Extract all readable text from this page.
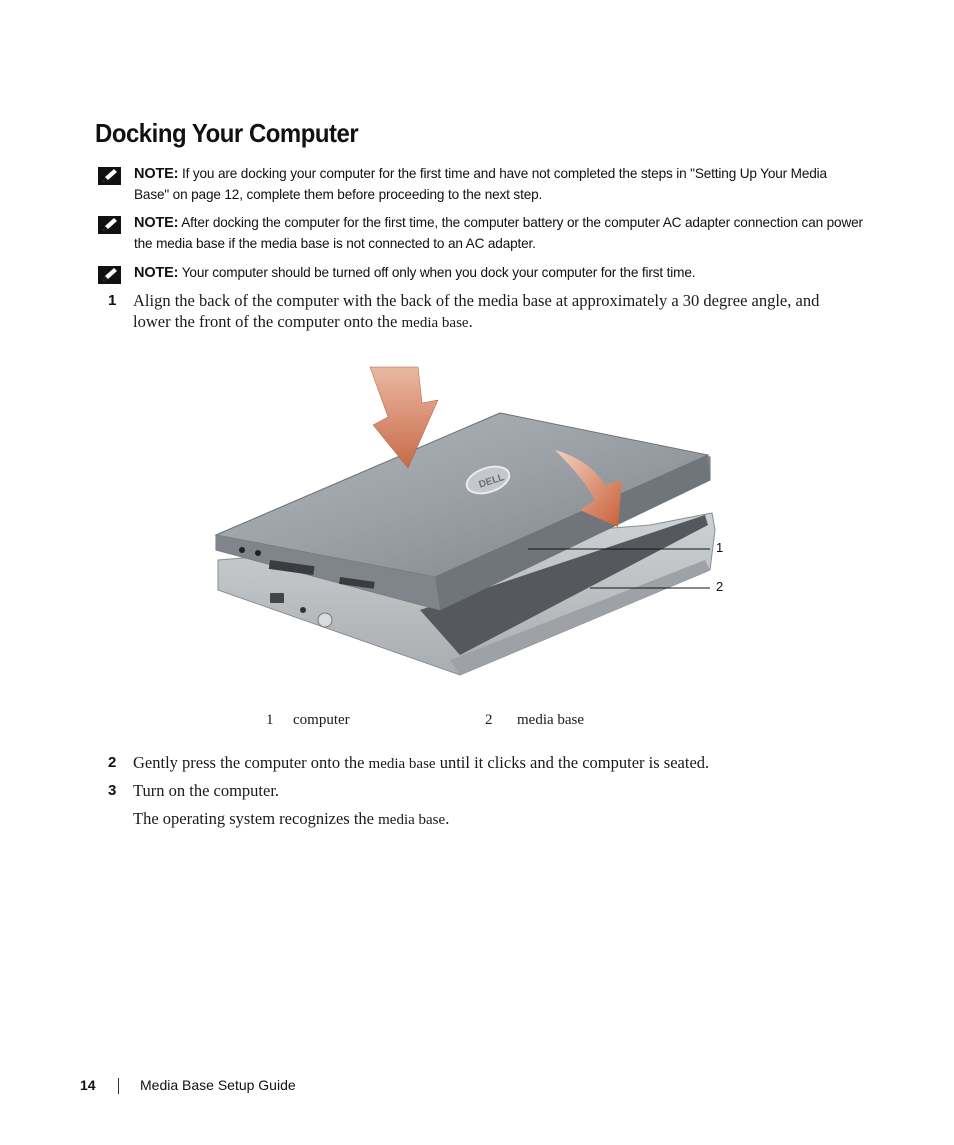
Docking Your Computer
NOTE: If you are docking your computer for the first time and have not completed the steps in "Setting Up Your Media Base" on page 12, complete them before proceeding to the next step.
NOTE: After docking the computer for the first time, the computer battery or the computer AC adapter connection can power the media base if the media base is not connected to an AC adapter.
NOTE: Your computer should be turned off only when you dock your computer for the first time.
1 Align the back of the computer with the back of the media base at approximately a 30 degree angle, and lower the front of the computer onto the media base.
DELL
1
2
1 computer	2 media base
2 Gently press the computer onto the media base until it clicks and the computer is seated.
3 Turn on the computer.
The operating system recognizes the media base.
14	Media Base Setup Guide
